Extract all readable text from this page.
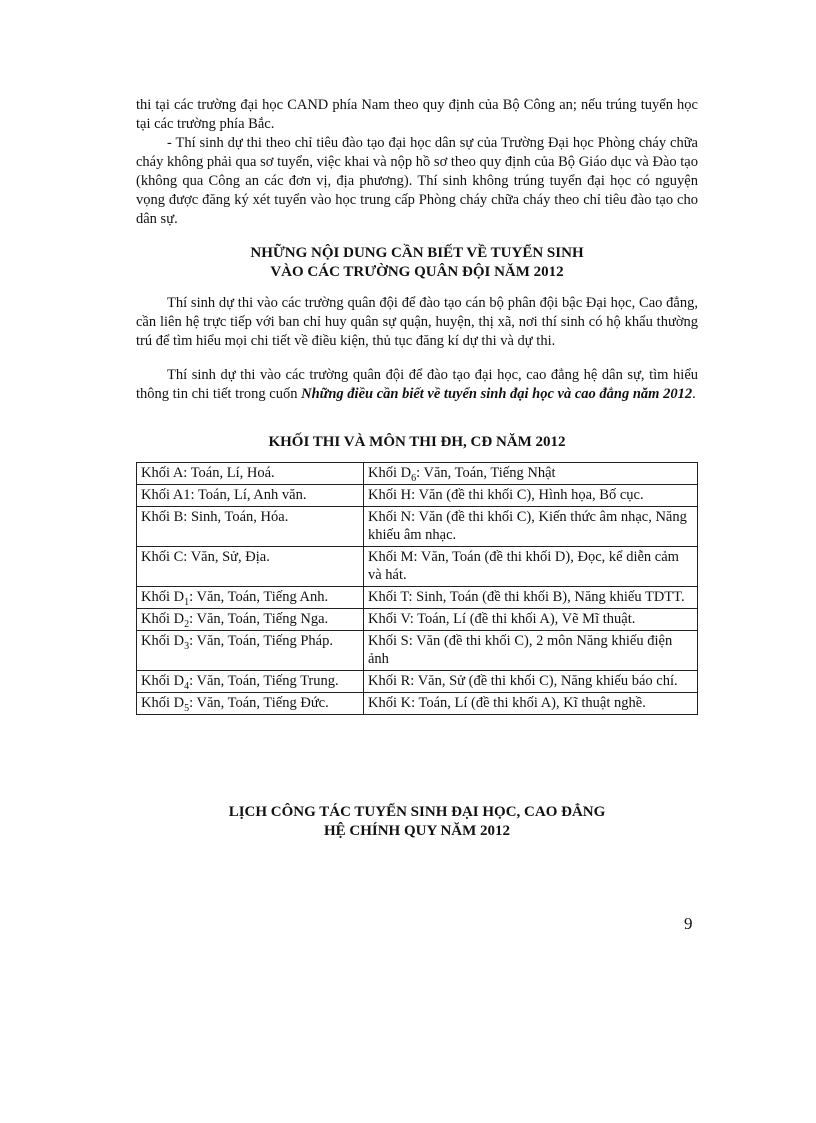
thi tại các trường đại học CAND phía Nam theo quy định của Bộ Công an; nếu trúng tuyển học tại các trường phía Bắc.

- Thí sinh dự thi theo chỉ tiêu đào tạo đại học dân sự của Trường Đại học Phòng cháy chữa cháy không phải qua sơ tuyển, việc khai và nộp hồ sơ theo quy định của Bộ Giáo dục và Đào tạo (không qua Công an các đơn vị, địa phương). Thí sinh không trúng tuyển đại học có nguyện vọng được đăng ký xét tuyển vào học trung cấp Phòng cháy chữa cháy theo chỉ tiêu đào tạo cho dân sự.

NHỮNG NỘI DUNG CẦN BIẾT VỀ TUYỂN SINH
VÀO CÁC TRƯỜNG QUÂN ĐỘI NĂM 2012

Thí sinh dự thi vào các trường quân đội để đào tạo cán bộ phân đội bậc Đại học, Cao đẳng, cần liên hệ trực tiếp với ban chỉ huy quân sự quận, huyện, thị xã, nơi thí sinh có hộ khẩu thường trú để tìm hiểu mọi chi tiết về điều kiện, thủ tục đăng kí dự thi và dự thi.

Thí sinh dự thi vào các trường quân đội để đào tạo đại học, cao đẳng hệ dân sự, tìm hiểu thông tin chi tiết trong cuốn Những điều cần biết về tuyển sinh đại học và cao đẳng năm 2012.

KHỐI THI VÀ MÔN THI ĐH, CĐ NĂM 2012
Khối A: Toán, Lí, Hoá.	Khối $D_6$: Văn, Toán, Tiếng Nhật
Khối A1: Toán, Lí, Anh văn.	Khối H: Văn (đề thi khối C), Hình họa, Bố cục.
Khối B: Sinh, Toán, Hóa.	Khối N: Văn (đề thi khối C), Kiến thức âm nhạc, Năng khiếu âm nhạc.
Khối C: Văn, Sử, Địa.	Khối M: Văn, Toán (đề thi khối D), Đọc, kể diễn cảm và hát.
Khối $D_1$: Văn, Toán, Tiếng Anh.	Khối T: Sinh, Toán (đề thi khối B), Năng khiếu TDTT.
Khối $D_2$: Văn, Toán, Tiếng Nga.	Khối V: Toán, Lí (đề thi khối A), Vẽ Mĩ thuật.
Khối $D_3$: Văn, Toán, Tiếng Pháp.	Khối S: Văn (đề thi khối C), 2 môn Năng khiếu điện ảnh
Khối $D_4$: Văn, Toán, Tiếng Trung.	Khối R: Văn, Sử (đề thi khối C), Năng khiếu báo chí.
Khối $D_5$: Văn, Toán, Tiếng Đức.	Khối K: Toán, Lí (đề thi khối A), Kĩ thuật nghề.
LỊCH CÔNG TÁC TUYỂN SINH ĐẠI HỌC, CAO ĐẲNG
HỆ CHÍNH QUY NĂM 2012
9
